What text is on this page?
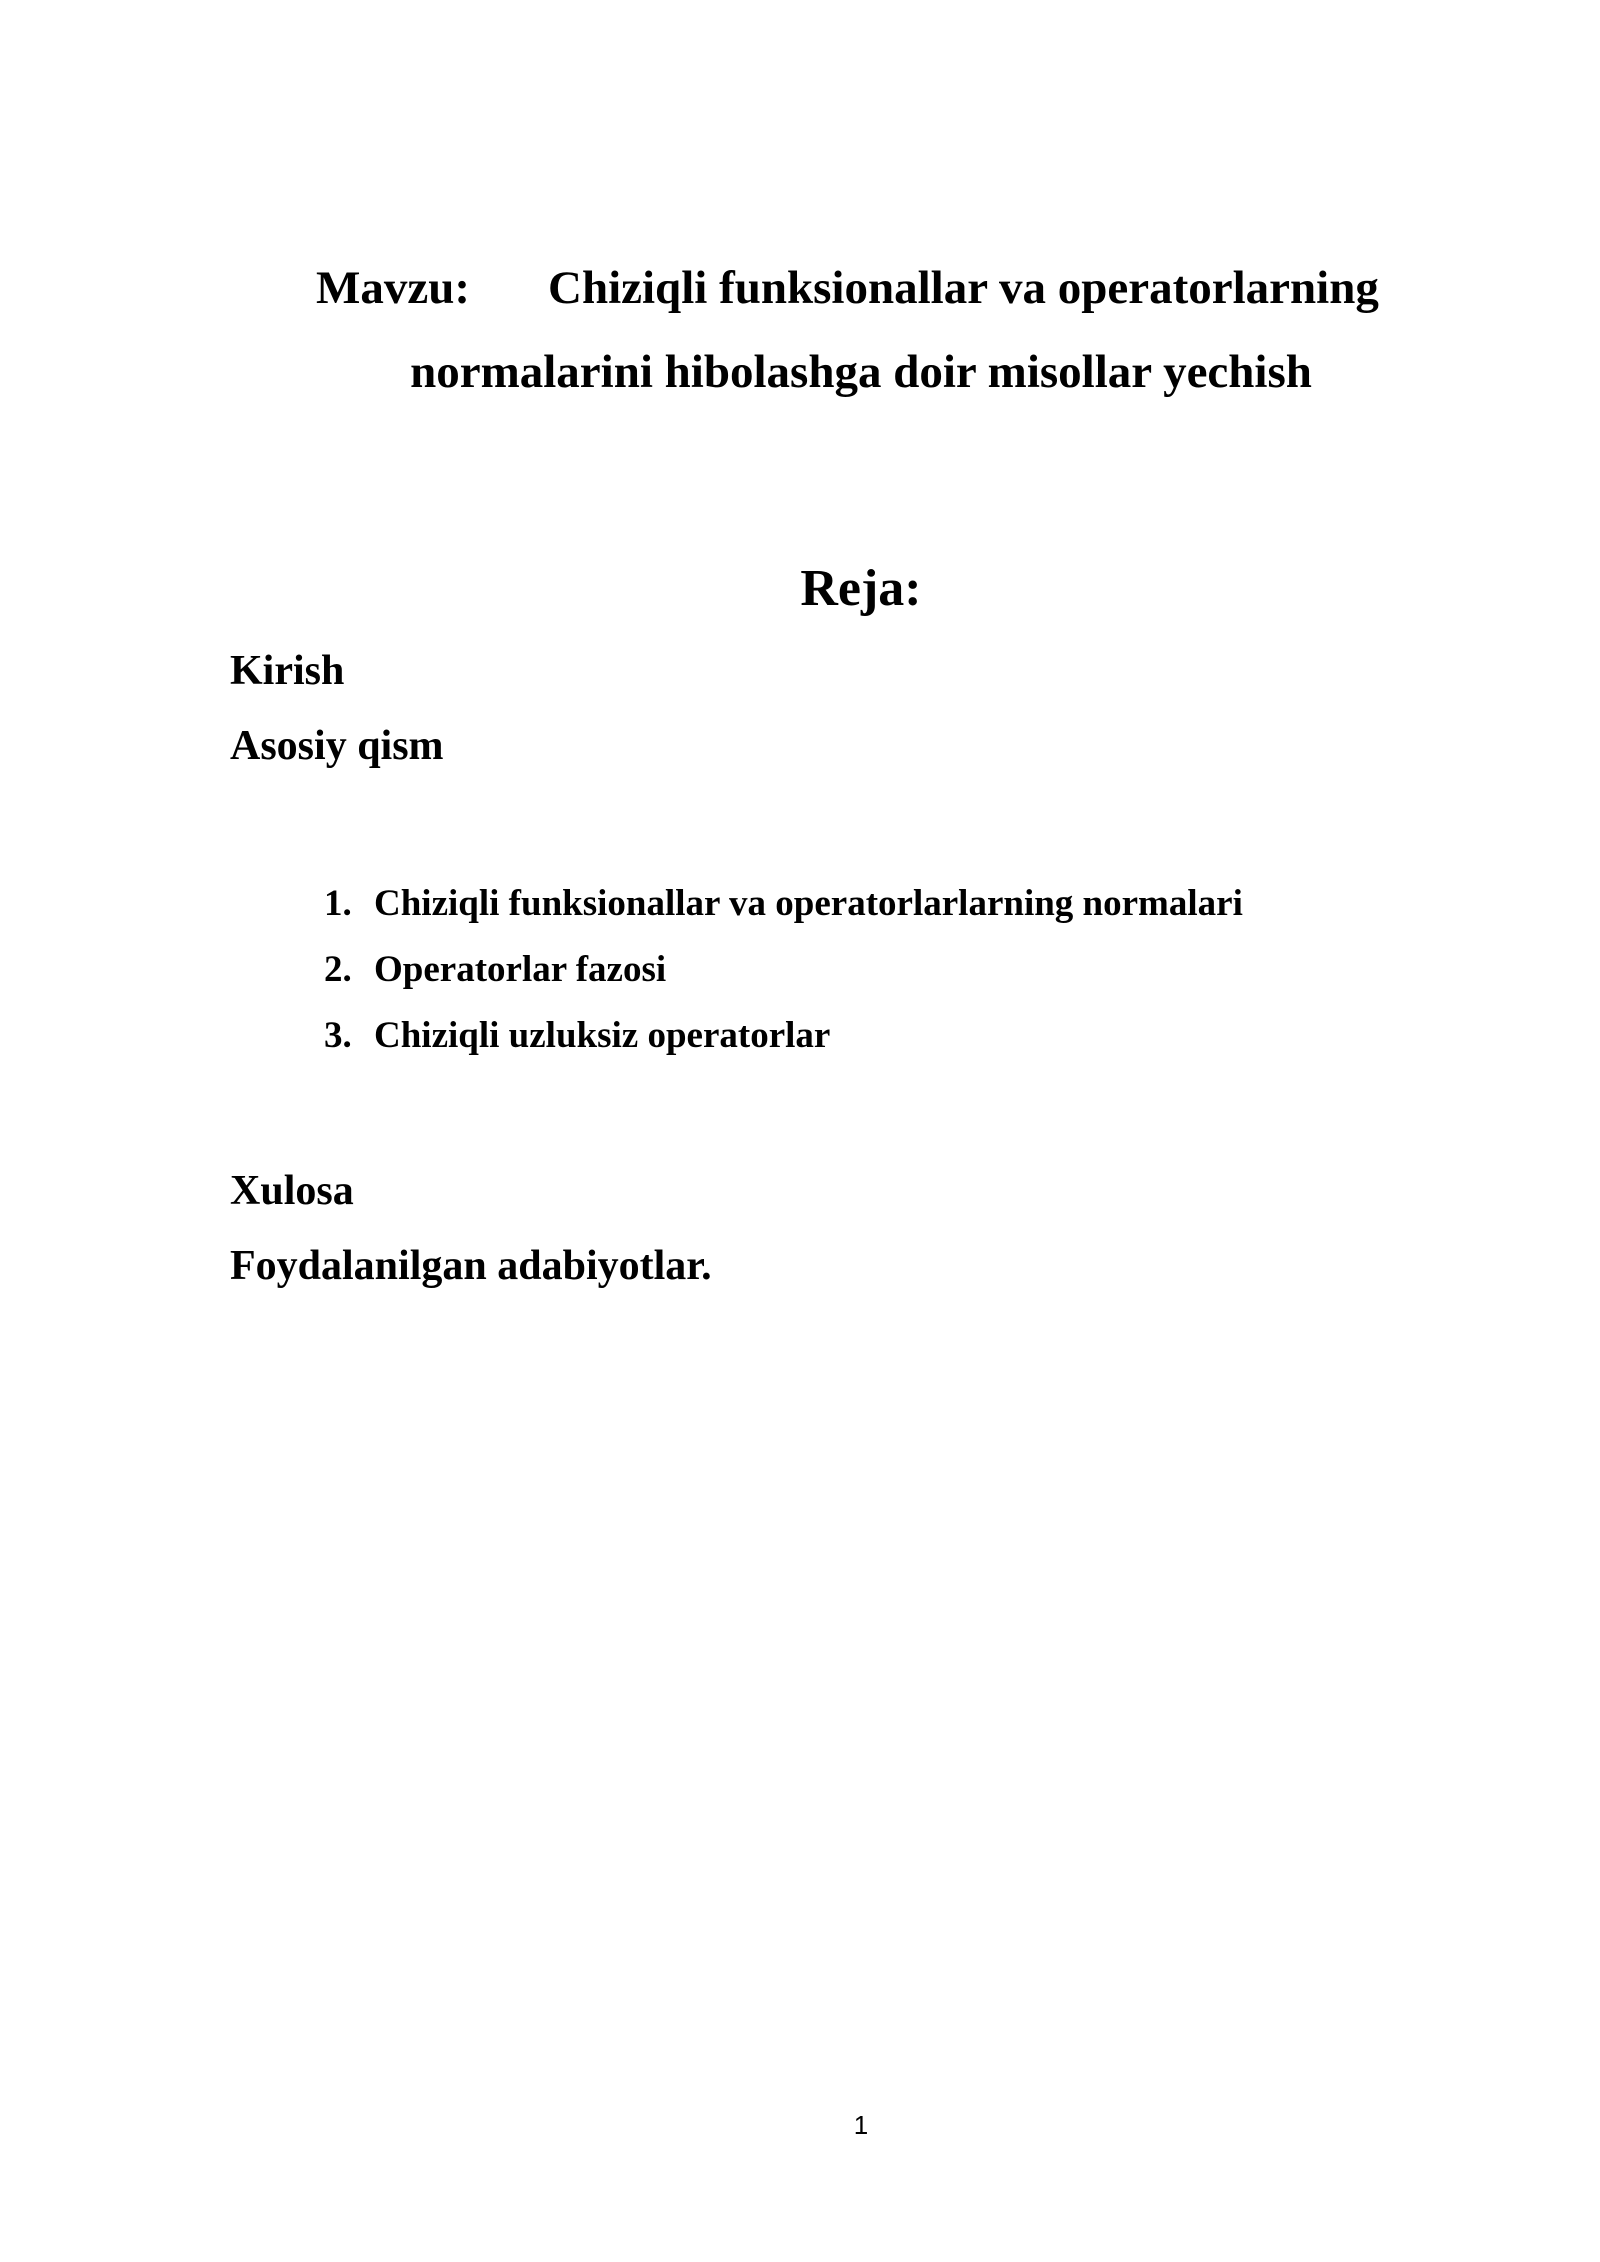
Mavzu: Chiziqli funksionallar va operatorlarning
normalarini hibolashga doir misollar yechish
Reja:
Kirish
Asosiy qism
1. Chiziqli funksionallar va operatorlarlarning normalari
2. Operatorlar fazosi
3. Chiziqli uzluksiz operatorlar
Xulosa
Foydalanilgan adabiyotlar.
1
